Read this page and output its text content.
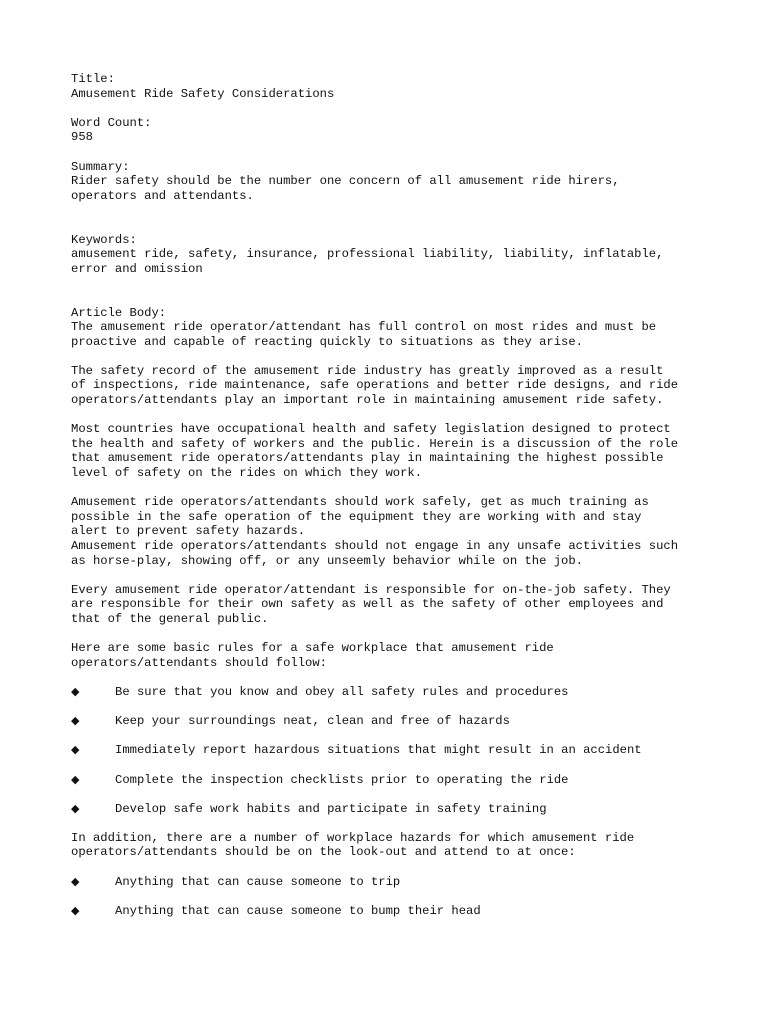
Title:
Amusement Ride Safety Considerations
Word Count:
958
Summary:
Rider safety should be the number one concern of all amusement ride hirers,
operators and attendants.
Keywords:
amusement ride, safety, insurance, professional liability, liability, inflatable,
error and omission
Article Body:
The amusement ride operator/attendant has full control on most rides and must be
proactive and capable of reacting quickly to situations as they arise.
The safety record of the amusement ride industry has greatly improved as a result
of inspections, ride maintenance, safe operations and better ride designs, and ride
operators/attendants play an important role in maintaining amusement ride safety.
Most countries have occupational health and safety legislation designed to protect
the health and safety of workers and the public. Herein is a discussion of the role
that amusement ride operators/attendants play in maintaining the highest possible
level of safety on the rides on which they work.
Amusement ride operators/attendants should work safely, get as much training as
possible in the safe operation of the equipment they are working with and stay
alert to prevent safety hazards.
Amusement ride operators/attendants should not engage in any unsafe activities such
as horse-play, showing off, or any unseemly behavior while on the job.
Every amusement ride operator/attendant is responsible for on-the-job safety. They
are responsible for their own safety as well as the safety of other employees and
that of the general public.
Here are some basic rules for a safe workplace that amusement ride
operators/attendants should follow:
◆	Be sure that you know and obey all safety rules and procedures
◆	Keep your surroundings neat, clean and free of hazards
◆	Immediately report hazardous situations that might result in an accident
◆	Complete the inspection checklists prior to operating the ride
◆	Develop safe work habits and participate in safety training
In addition, there are a number of workplace hazards for which amusement ride
operators/attendants should be on the look-out and attend to at once:
◆	Anything that can cause someone to trip
◆	Anything that can cause someone to bump their head
